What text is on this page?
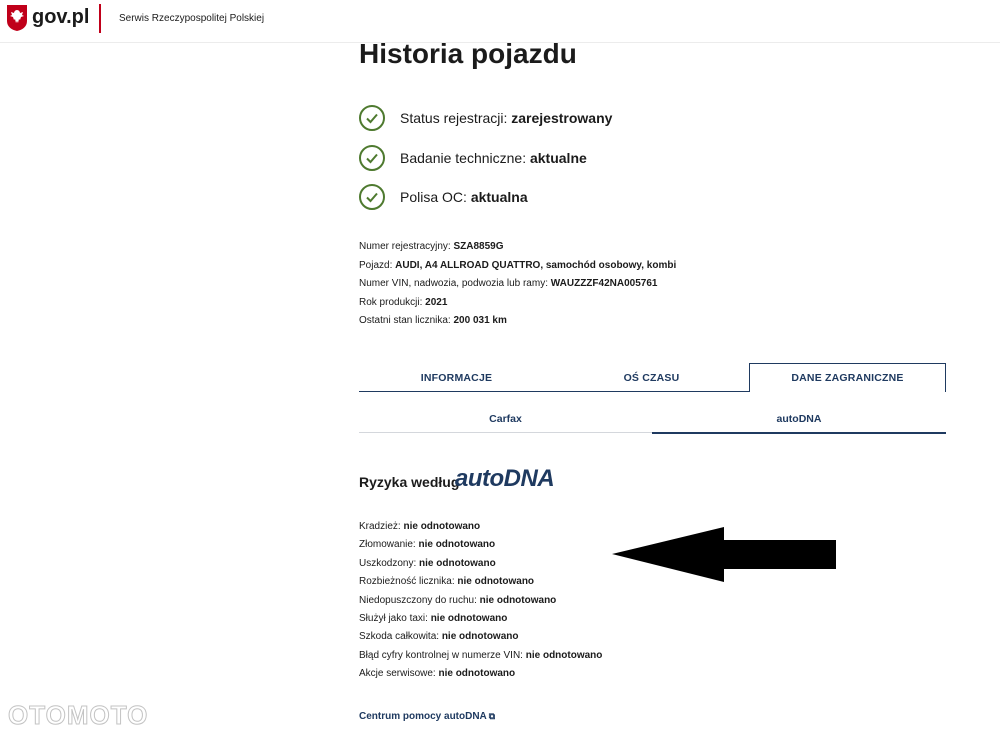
gov.pl	Serwis Rzeczypospolitej Polskiej
Historia pojazdu
Status rejestracji: zarejestrowany
Badanie techniczne: aktualne
Polisa OC: aktualna
Numer rejestracyjny: SZA8859G
Pojazd: AUDI, A4 ALLROAD QUATTRO, samochód osobowy, kombi
Numer VIN, nadwozia, podwozia lub ramy: WAUZZZF42NA005761
Rok produkcji: 2021
Ostatni stan licznika: 200 031 km
INFORMACJE	OŚ CZASU	DANE ZAGRANICZNE
Carfax	autoDNA
Ryzyka według
autoDNA
Kradzież: nie odnotowano
Złomowanie: nie odnotowano
Uszkodzony: nie odnotowano
Rozbieżność licznika: nie odnotowano
Niedopuszczony do ruchu: nie odnotowano
Służył jako taxi: nie odnotowano
Szkoda całkowita: nie odnotowano
Błąd cyfry kontrolnej w numerze VIN: nie odnotowano
Akcje serwisowe: nie odnotowano
Centrum pomocy autoDNA ⧉
OTOMOTO
